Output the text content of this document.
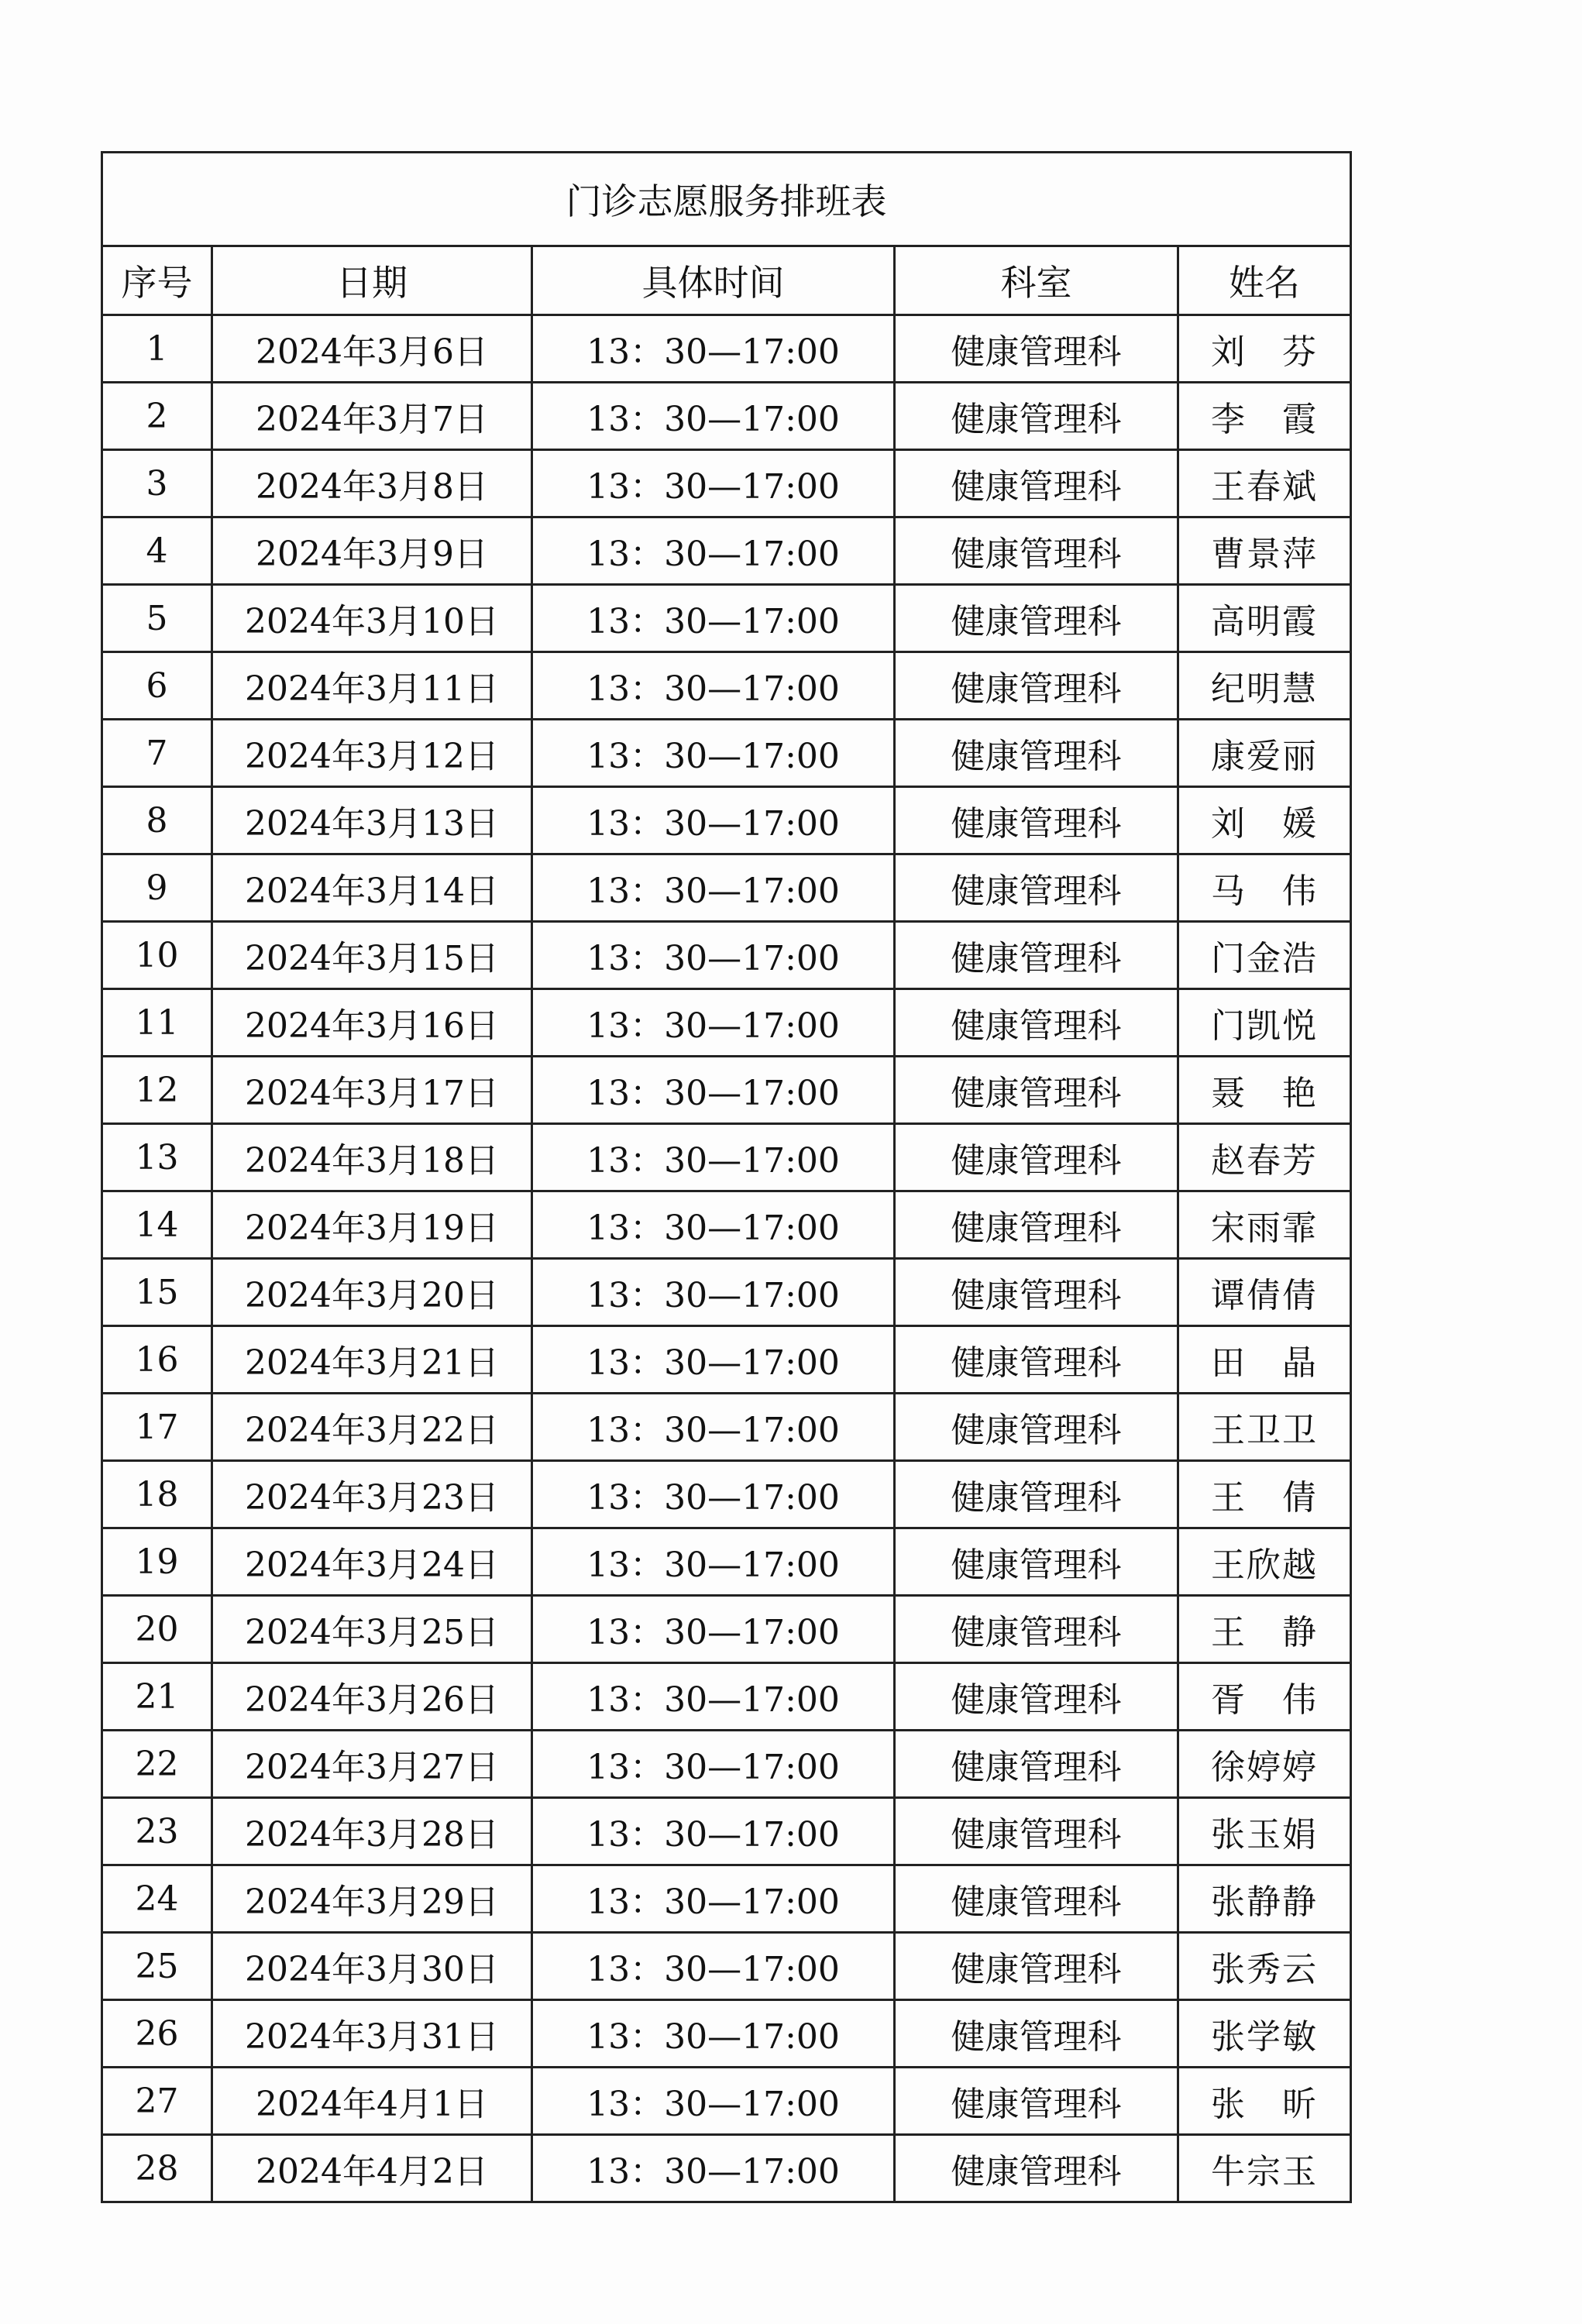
门诊志愿服务排班表				
序号	日期	具体时间	科室	姓名
1	2024年3月6日	13：30—17:00	健康管理科	刘　芬
2	2024年3月7日	13：30—17:00	健康管理科	李　霞
3	2024年3月8日	13：30—17:00	健康管理科	王春斌
4	2024年3月9日	13：30—17:00	健康管理科	曹景萍
5	2024年3月10日	13：30—17:00	健康管理科	高明霞
6	2024年3月11日	13：30—17:00	健康管理科	纪明慧
7	2024年3月12日	13：30—17:00	健康管理科	康爱丽
8	2024年3月13日	13：30—17:00	健康管理科	刘　媛
9	2024年3月14日	13：30—17:00	健康管理科	马　伟
10	2024年3月15日	13：30—17:00	健康管理科	门金浩
11	2024年3月16日	13：30—17:00	健康管理科	门凯悦
12	2024年3月17日	13：30—17:00	健康管理科	聂　艳
13	2024年3月18日	13：30—17:00	健康管理科	赵春芳
14	2024年3月19日	13：30—17:00	健康管理科	宋雨霏
15	2024年3月20日	13：30—17:00	健康管理科	谭倩倩
16	2024年3月21日	13：30—17:00	健康管理科	田　晶
17	2024年3月22日	13：30—17:00	健康管理科	王卫卫
18	2024年3月23日	13：30—17:00	健康管理科	王　倩
19	2024年3月24日	13：30—17:00	健康管理科	王欣越
20	2024年3月25日	13：30—17:00	健康管理科	王　静
21	2024年3月26日	13：30—17:00	健康管理科	胥　伟
22	2024年3月27日	13：30—17:00	健康管理科	徐婷婷
23	2024年3月28日	13：30—17:00	健康管理科	张玉娟
24	2024年3月29日	13：30—17:00	健康管理科	张静静
25	2024年3月30日	13：30—17:00	健康管理科	张秀云
26	2024年3月31日	13：30—17:00	健康管理科	张学敏
27	2024年4月1日	13：30—17:00	健康管理科	张　昕
28	2024年4月2日	13：30—17:00	健康管理科	牛宗玉
